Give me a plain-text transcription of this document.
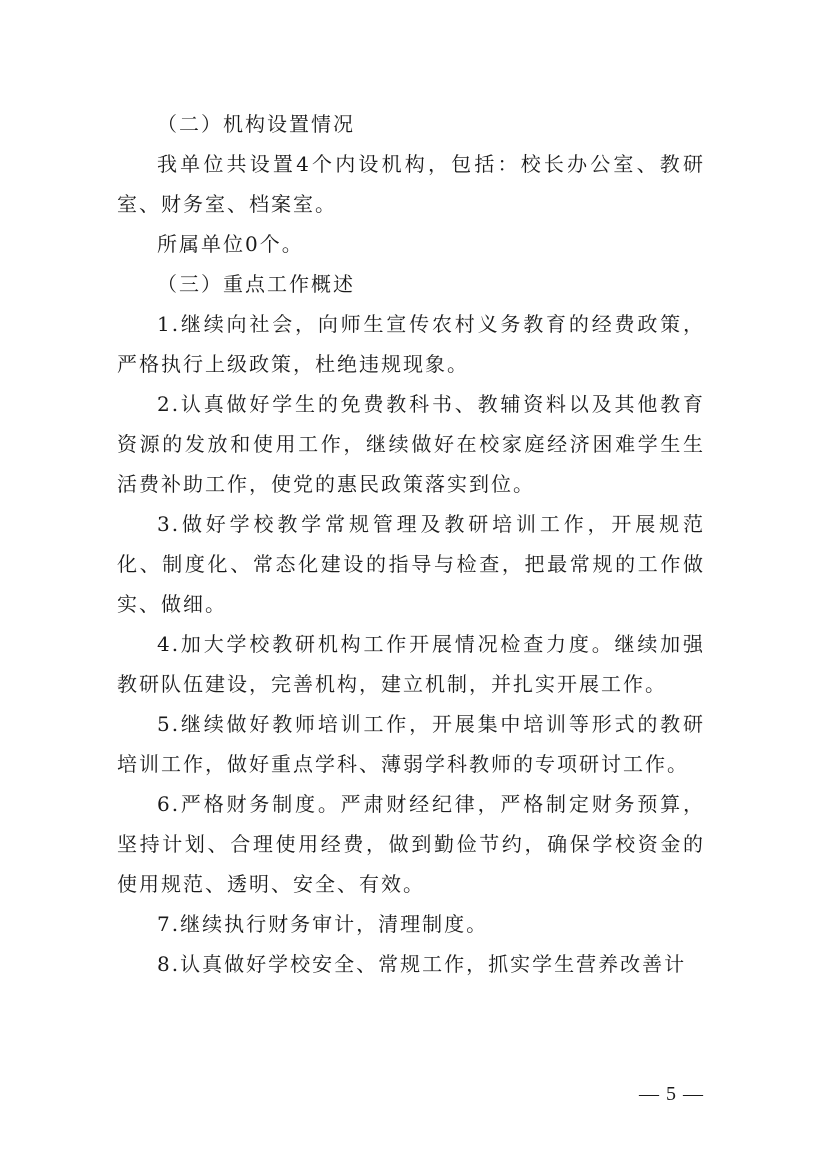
（二）机构设置情况

我单位共设置4个内设机构，包括：校长办公室、教研室、财务室、档案室。

所属单位0个。

（三）重点工作概述

1.继续向社会，向师生宣传农村义务教育的经费政策，严格执行上级政策，杜绝违规现象。

2.认真做好学生的免费教科书、教辅资料以及其他教育资源的发放和使用工作，继续做好在校家庭经济困难学生生活费补助工作，使党的惠民政策落实到位。

3.做好学校教学常规管理及教研培训工作，开展规范化、制度化、常态化建设的指导与检查，把最常规的工作做实、做细。

4.加大学校教研机构工作开展情况检查力度。继续加强教研队伍建设，完善机构，建立机制，并扎实开展工作。

5.继续做好教师培训工作，开展集中培训等形式的教研培训工作，做好重点学科、薄弱学科教师的专项研讨工作。

6.严格财务制度。严肃财经纪律，严格制定财务预算，坚持计划、合理使用经费，做到勤俭节约，确保学校资金的使用规范、透明、安全、有效。

7.继续执行财务审计，清理制度。

8.认真做好学校安全、常规工作，抓实学生营养改善计

— 5 —
